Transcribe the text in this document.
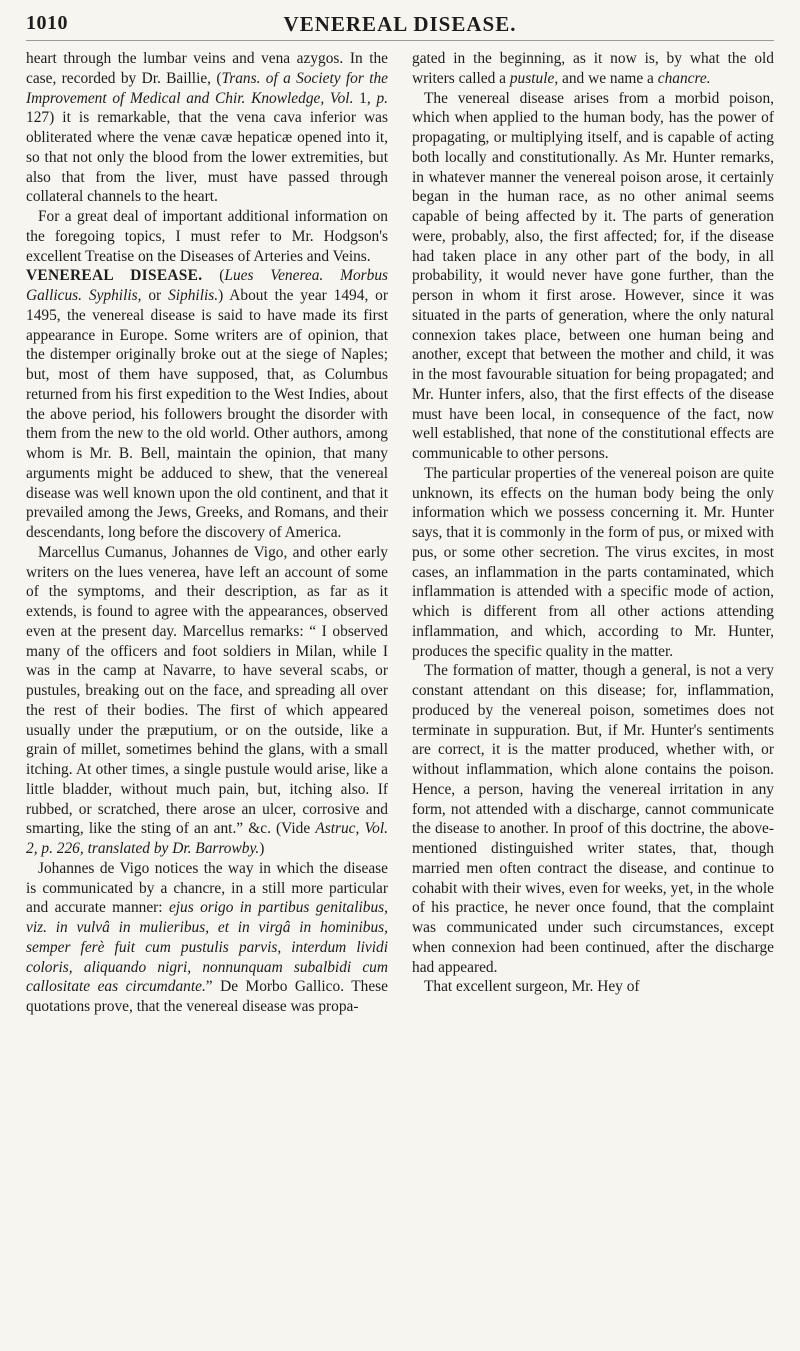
1010	VENEREAL DISEASE.

heart through the lumbar veins and vena azygos. In the case, recorded by Dr. Baillie, (Trans. of a Society for the Improvement of Medical and Chir. Knowledge, Vol. 1, p. 127) it is remarkable, that the vena cava inferior was obliterated where the venæ cavæ hepaticæ opened into it, so that not only the blood from the lower extremities, but also that from the liver, must have passed through collateral channels to the heart.

For a great deal of important additional information on the foregoing topics, I must refer to Mr. Hodgson's excellent Treatise on the Diseases of Arteries and Veins.

VENEREAL DISEASE. (Lues Venerea. Morbus Gallicus. Syphilis, or Siphilis.) About the year 1494, or 1495, the venereal disease is said to have made its first appearance in Europe. Some writers are of opinion, that the distemper originally broke out at the siege of Naples; but, most of them have supposed, that, as Columbus returned from his first expedition to the West Indies, about the above period, his followers brought the disorder with them from the new to the old world. Other authors, among whom is Mr. B. Bell, maintain the opinion, that many arguments might be adduced to shew, that the venereal disease was well known upon the old continent, and that it prevailed among the Jews, Greeks, and Romans, and their descendants, long before the discovery of America.

Marcellus Cumanus, Johannes de Vigo, and other early writers on the lues venerea, have left an account of some of the symptoms, and their description, as far as it extends, is found to agree with the appearances, observed even at the present day. Marcellus remarks: “ I observed many of the officers and foot soldiers in Milan, while I was in the camp at Navarre, to have several scabs, or pustules, breaking out on the face, and spreading all over the rest of their bodies. The first of which appeared usually under the præputium, or on the outside, like a grain of millet, sometimes behind the glans, with a small itching. At other times, a single pustule would arise, like a little bladder, without much pain, but, itching also. If rubbed, or scratched, there arose an ulcer, corrosive and smarting, like the sting of an ant.” &c. (Vide Astruc, Vol. 2, p. 226, translated by Dr. Barrowby.)

Johannes de Vigo notices the way in which the disease is communicated by a chancre, in a still more particular and accurate manner: ejus origo in partibus genitalibus, viz. in vulvâ in mulieribus, et in virgâ in hominibus, semper ferè fuit cum pustulis parvis, interdum lividi coloris, aliquando nigri, nonnunquam subalbidi cum callositate eas circumdante.” De Morbo Gallico. These quotations prove, that the venereal disease was propa-

gated in the beginning, as it now is, by what the old writers called a pustule, and we name a chancre.

The venereal disease arises from a morbid poison, which when applied to the human body, has the power of propagating, or multiplying itself, and is capable of acting both locally and constitutionally. As Mr. Hunter remarks, in whatever manner the venereal poison arose, it certainly began in the human race, as no other animal seems capable of being affected by it. The parts of generation were, probably, also, the first affected; for, if the disease had taken place in any other part of the body, in all probability, it would never have gone further, than the person in whom it first arose. However, since it was situated in the parts of generation, where the only natural connexion takes place, between one human being and another, except that between the mother and child, it was in the most favourable situation for being propagated; and Mr. Hunter infers, also, that the first effects of the disease must have been local, in consequence of the fact, now well established, that none of the constitutional effects are communicable to other persons.

The particular properties of the venereal poison are quite unknown, its effects on the human body being the only information which we possess concerning it. Mr. Hunter says, that it is commonly in the form of pus, or mixed with pus, or some other secretion. The virus excites, in most cases, an inflammation in the parts contaminated, which inflammation is attended with a specific mode of action, which is different from all other actions attending inflammation, and which, according to Mr. Hunter, produces the specific quality in the matter.

The formation of matter, though a general, is not a very constant attendant on this disease; for, inflammation, produced by the venereal poison, sometimes does not terminate in suppuration. But, if Mr. Hunter's sentiments are correct, it is the matter produced, whether with, or without inflammation, which alone contains the poison. Hence, a person, having the venereal irritation in any form, not attended with a discharge, cannot communicate the disease to another. In proof of this doctrine, the above-mentioned distinguished writer states, that, though married men often contract the disease, and continue to cohabit with their wives, even for weeks, yet, in the whole of his practice, he never once found, that the complaint was communicated under such circumstances, except when connexion had been continued, after the discharge had appeared.

That excellent surgeon, Mr. Hey of
